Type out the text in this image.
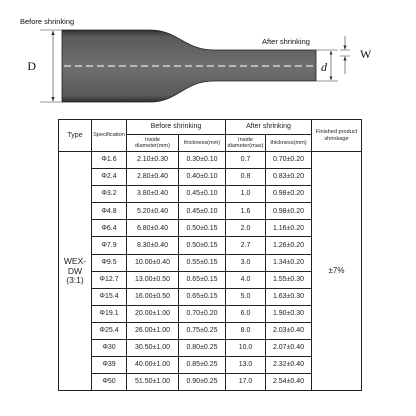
D	d
W
Before shrinking
After shrinking
Type	Specification	Before shrinking		After shrinking		Finished product shrinkage
		Inside diameter(mm)	thickness(mm)	Inside diameter(max)	thickness(mm)	
WEX-DW (3:1)	Φ1.6	2.10±0.30	0.30±0.10	0.7	0.70±0.20	±7%
	Φ2.4	2.80±0.40	0.40±0.10	0.8	0.83±0.20	
	Φ3.2	3.80±0.40	0.45±0.10	1.0	0.98±0.20	
	Φ4.8	5.20±0.40	0.45±0.10	1.6	0.98±0.20	
	Φ6.4	6.80±0.40	0.50±0.15	2.0	1.16±0.20	
	Φ7.9	8.30±0.40	0.50±0.15	2.7	1.26±0.20	
	Φ9.5	10.00±0.40	0.55±0.15	3.0	1.34±0.20	
	Φ12.7	13.00±0.50	0.65±0.15	4.0	1.55±0.30	
	Φ15.4	16.00±0.50	0.65±0.15	5.0	1.63±0.30	
	Φ19.1	20.00±1.00	0.70±0.20	6.0	1.90±0.30	
	Φ25.4	26.00±1.00	0.75±0.25	8.0	2.03±0.40	
	Φ30	30.50±1.00	0.80±0.25	10.0	2.07±0.40	
	Φ39	40.00±1.00	0.85±0.25	13.0	2.32±0.40	
	Φ50	51.50±1.00	0.90±0.25	17.0	2.54±0.40	
